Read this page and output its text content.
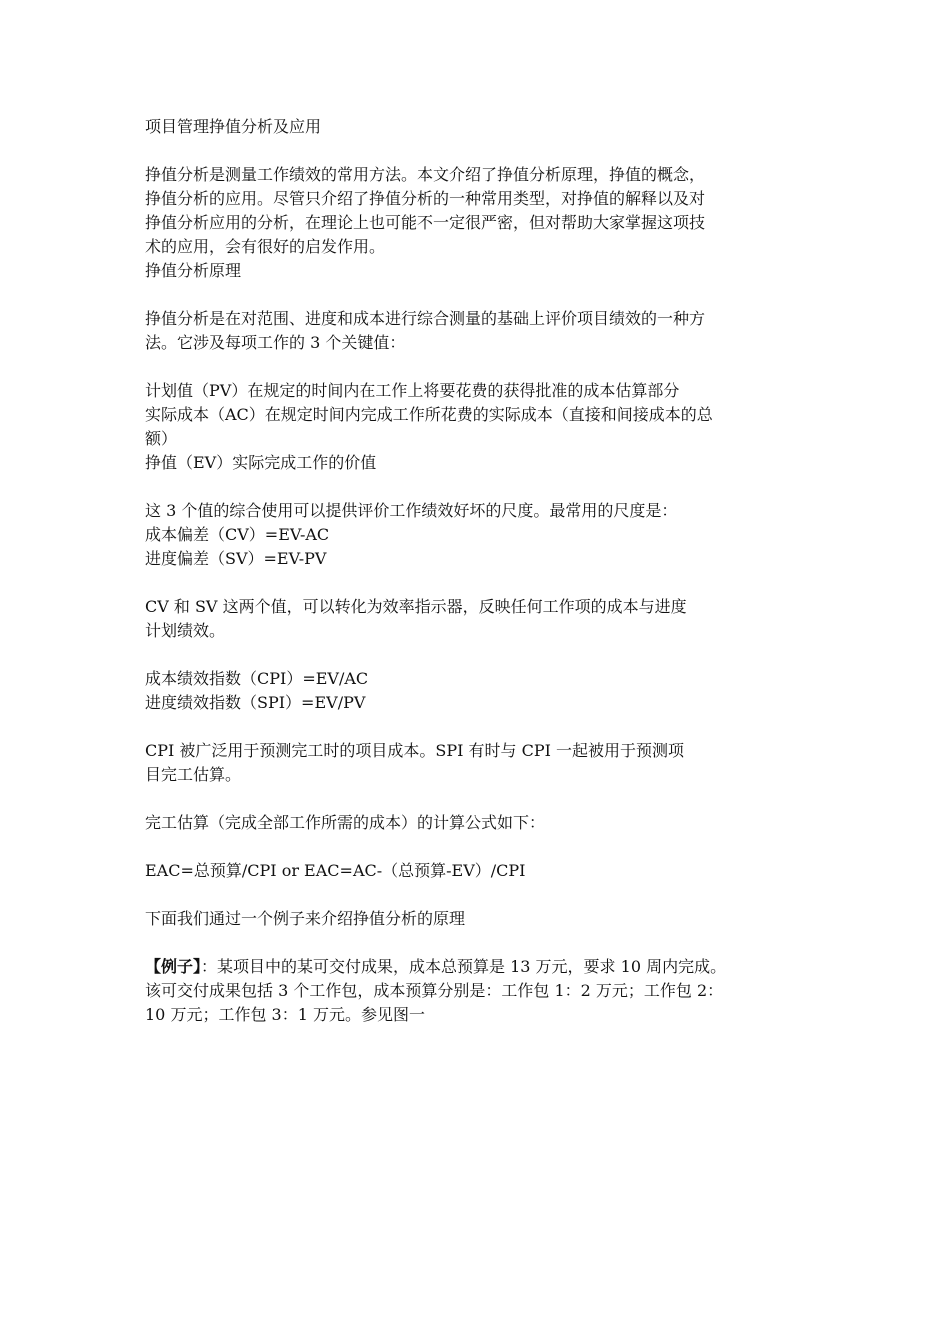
项目管理挣值分析及应用
挣值分析是测量工作绩效的常用方法。本文介绍了挣值分析原理，挣值的概念，
挣值分析的应用。尽管只介绍了挣值分析的一种常用类型，对挣值的解释以及对
挣值分析应用的分析，在理论上也可能不一定很严密，但对帮助大家掌握这项技
术的应用，会有很好的启发作用。
挣值分析原理
挣值分析是在对范围、进度和成本进行综合测量的基础上评价项目绩效的一种方
法。它涉及每项工作的 3 个关键值：
计划值（PV）在规定的时间内在工作上将要花费的获得批准的成本估算部分
实际成本（AC）在规定时间内完成工作所花费的实际成本（直接和间接成本的总
额）
挣值（EV）实际完成工作的价值
这 3 个值的综合使用可以提供评价工作绩效好坏的尺度。最常用的尺度是：
成本偏差（CV）=EV-AC
进度偏差（SV）=EV-PV
CV 和 SV 这两个值，可以转化为效率指示器，反映任何工作项的成本与进度
计划绩效。
成本绩效指数（CPI）=EV/AC
进度绩效指数（SPI）=EV/PV
CPI 被广泛用于预测完工时的项目成本。SPI 有时与 CPI 一起被用于预测项
目完工估算。
完工估算（完成全部工作所需的成本）的计算公式如下：
EAC=总预算/CPI or EAC=AC-（总预算-EV）/CPI
下面我们通过一个例子来介绍挣值分析的原理
【例子】：某项目中的某可交付成果，成本总预算是 13 万元，要求 10 周内完成。
该可交付成果包括 3 个工作包，成本预算分别是：工作包 1：2 万元；工作包 2：
10 万元；工作包 3：1 万元。参见图一
